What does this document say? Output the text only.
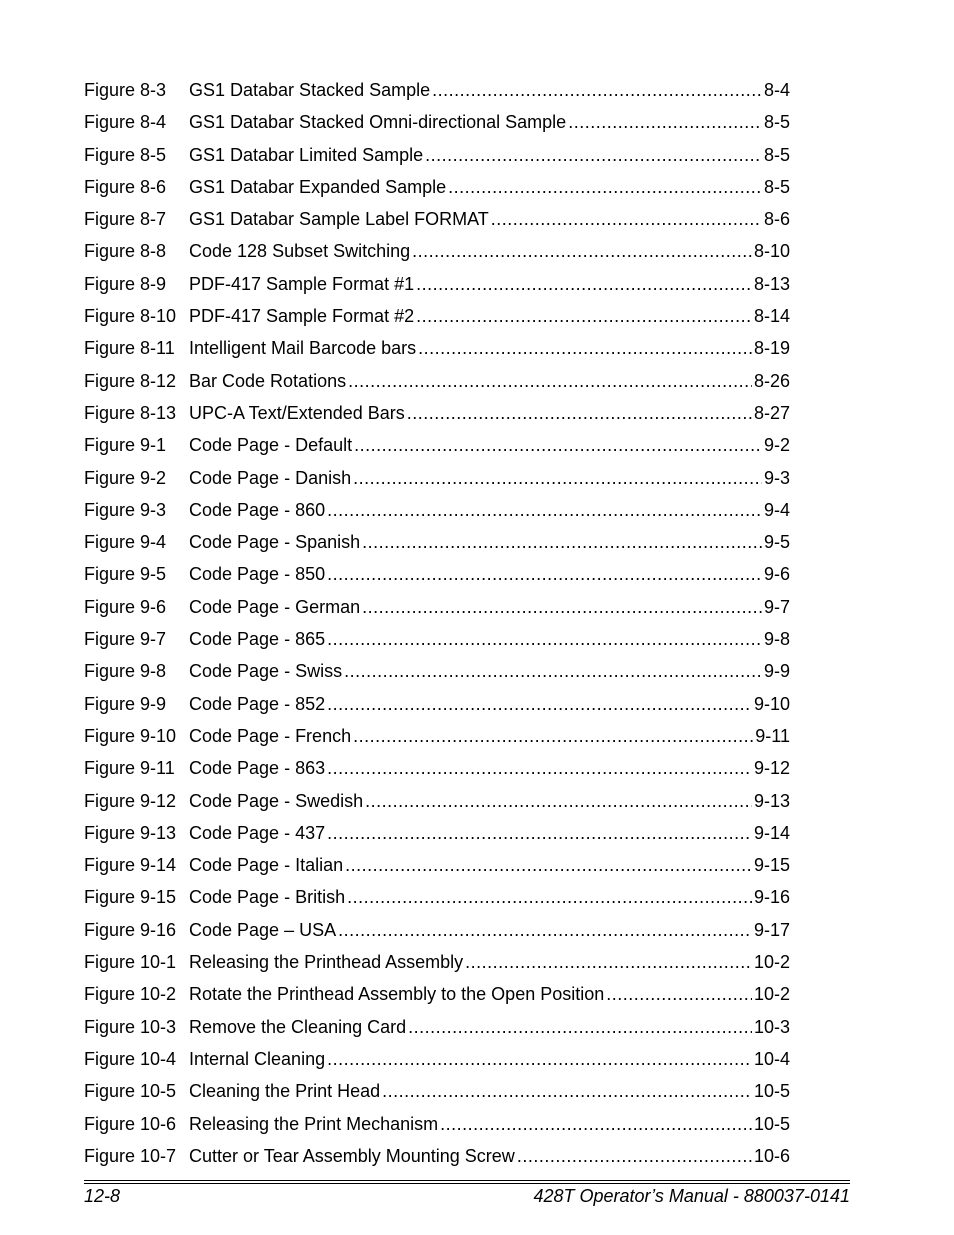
Figure 8-3	GS1 Databar Stacked Sample .....	8-4
Figure 8-4	GS1 Databar Stacked Omni-directional Sample .....	8-5
Figure 8-5	GS1 Databar Limited Sample .....	8-5
Figure 8-6	GS1 Databar Expanded Sample .....	8-5
Figure 8-7	GS1 Databar Sample Label FORMAT .....	8-6
Figure 8-8	Code 128 Subset Switching .....	8-10
Figure 8-9	PDF-417 Sample Format #1 .....	8-13
Figure 8-10 PDF-417 Sample Format #2 .....	8-14
Figure 8-11 Intelligent Mail Barcode bars .....	8-19
Figure 8-12 Bar Code Rotations .....	8-26
Figure 8-13 UPC-A Text/Extended Bars .....	8-27
Figure 9-1	Code Page - Default .....	9-2
Figure 9-2	Code Page - Danish .....	9-3
Figure 9-3	Code Page - 860 .....	9-4
Figure 9-4	Code Page - Spanish .....	9-5
Figure 9-5	Code Page - 850 .....	9-6
Figure 9-6	Code Page - German .....	9-7
Figure 9-7	Code Page - 865 .....	9-8
Figure 9-8	Code Page - Swiss .....	9-9
Figure 9-9	Code Page - 852 .....	9-10
Figure 9-10 Code Page - French .....	9-11
Figure 9-11 Code Page - 863 .....	9-12
Figure 9-12 Code Page - Swedish .....	9-13
Figure 9-13 Code Page - 437 .....	9-14
Figure 9-14 Code Page - Italian .....	9-15
Figure 9-15 Code Page - British .....	9-16
Figure 9-16 Code Page – USA .....	9-17
Figure 10-1 Releasing the Printhead Assembly .....	10-2
Figure 10-2 Rotate the Printhead Assembly to the Open Position .....	10-2
Figure 10-3 Remove the Cleaning Card .....	10-3
Figure 10-4 Internal Cleaning .....	10-4
Figure 10-5 Cleaning the Print Head .....	10-5
Figure 10-6 Releasing the Print Mechanism .....	10-5
Figure 10-7 Cutter or Tear Assembly Mounting Screw .....	10-6
12-8	428T Operator’s Manual - 880037-0141
